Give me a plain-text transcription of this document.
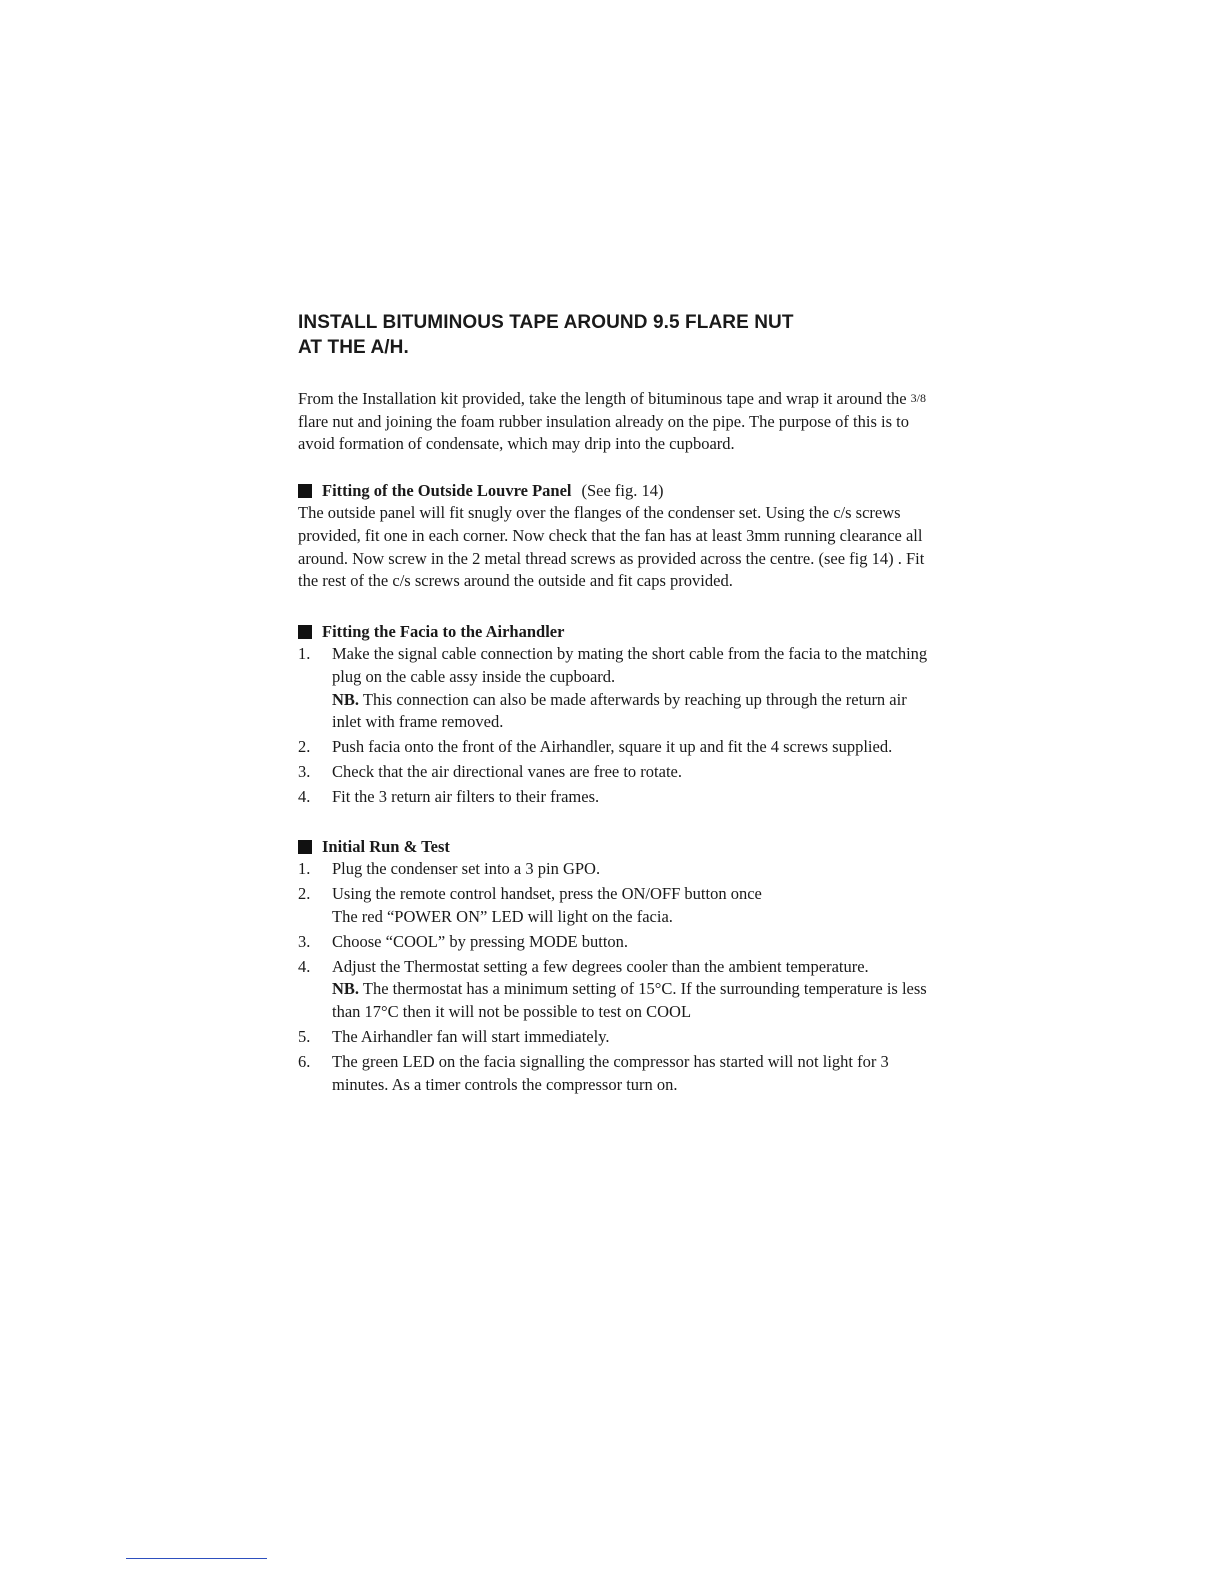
INSTALL BITUMINOUS TAPE AROUND 9.5 FLARE NUT
AT THE A/H.

From the Installation kit provided, take the length of bituminous tape and wrap it around the 3/8 flare nut and joining the foam rubber insulation already on the pipe. The purpose of this is to avoid formation of condensate, which may drip into the cupboard.

Fitting of the Outside Louvre Panel (See fig. 14)

The outside panel will fit snugly over the flanges of the condenser set. Using the c/s screws provided, fit one in each corner. Now check that the fan has at least 3mm running clearance all around. Now screw in the 2 metal thread screws as provided across the centre. (see fig 14) . Fit the rest of the c/s screws around the outside and fit caps provided.

Fitting the Facia to the Airhandler

1.	Make the signal cable connection by mating the short cable from the facia to the matching plug on the cable assy inside the cupboard.
NB. This connection can also be made afterwards by reaching up through the return air inlet with frame removed.
2.	Push facia onto the front of the Airhandler, square it up and fit the 4 screws supplied.
3.	Check that the air directional vanes are free to rotate.
4.	Fit the 3 return air filters to their frames.

Initial Run & Test

1.	Plug the condenser set into a 3 pin GPO.
2.	Using the remote control handset, press the ON/OFF button once
The red “POWER ON” LED will light on the facia.
3.	Choose “COOL” by pressing MODE button.
4.	Adjust the Thermostat setting a few degrees cooler than the ambient temperature.
NB. The thermostat has a minimum setting of 15°C. If the surrounding temperature is less than 17°C then it will not be possible to test on COOL
5.	The Airhandler fan will start immediately.
6.	The green LED on the facia signalling the compressor has started will not light for 3 minutes. As a timer controls the compressor turn on.
